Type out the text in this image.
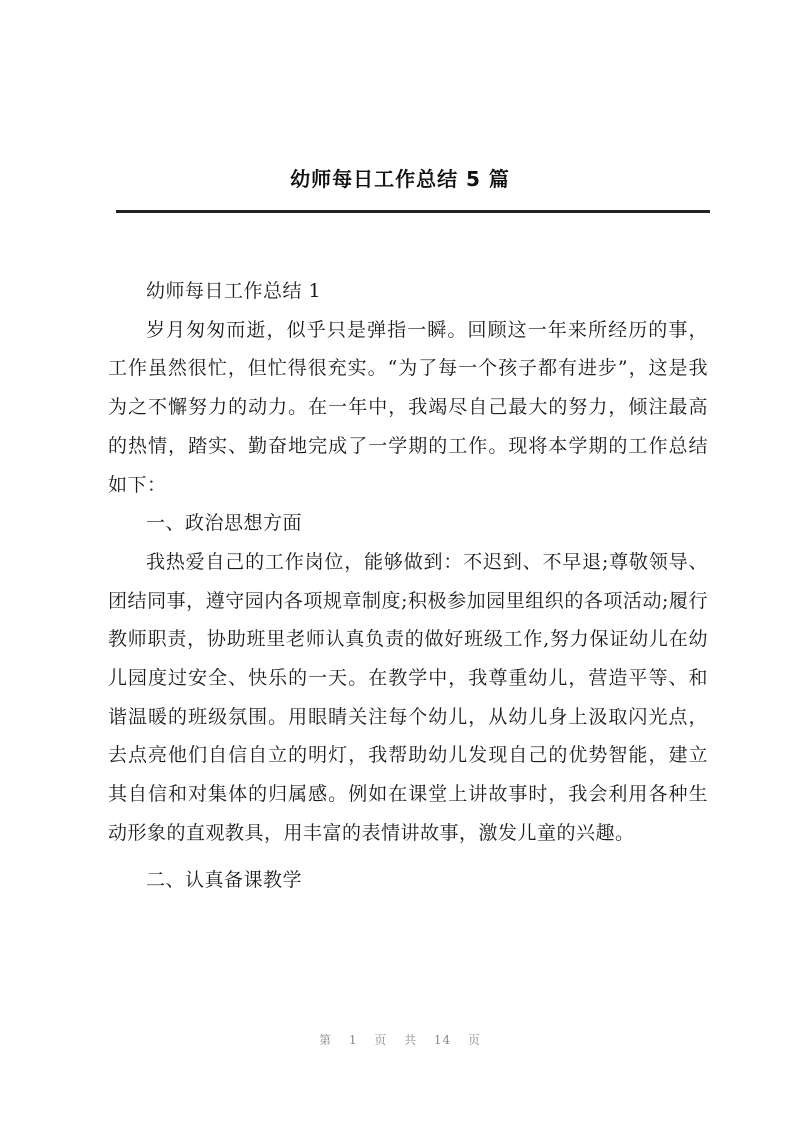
幼师每日工作总结 5 篇

幼师每日工作总结 1

岁月匆匆而逝，似乎只是弹指一瞬。回顾这一年来所经历的事，工作虽然很忙，但忙得很充实。“为了每一个孩子都有进步”，这是我为之不懈努力的动力。在一年中，我竭尽自己最大的努力，倾注最高的热情，踏实、勤奋地完成了一学期的工作。现将本学期的工作总结如下：

一、政治思想方面

我热爱自己的工作岗位，能够做到：不迟到、不早退;尊敬领导、团结同事，遵守园内各项规章制度;积极参加园里组织的各项活动;履行教师职责，协助班里老师认真负责的做好班级工作,努力保证幼儿在幼儿园度过安全、快乐的一天。在教学中，我尊重幼儿，营造平等、和谐温暖的班级氛围。用眼睛关注每个幼儿，从幼儿身上汲取闪光点，去点亮他们自信自立的明灯，我帮助幼儿发现自己的优势智能，建立其自信和对集体的归属感。例如在课堂上讲故事时，我会利用各种生动形象的直观教具，用丰富的表情讲故事，激发儿童的兴趣。

二、认真备课教学

第 1 页 共 14 页
